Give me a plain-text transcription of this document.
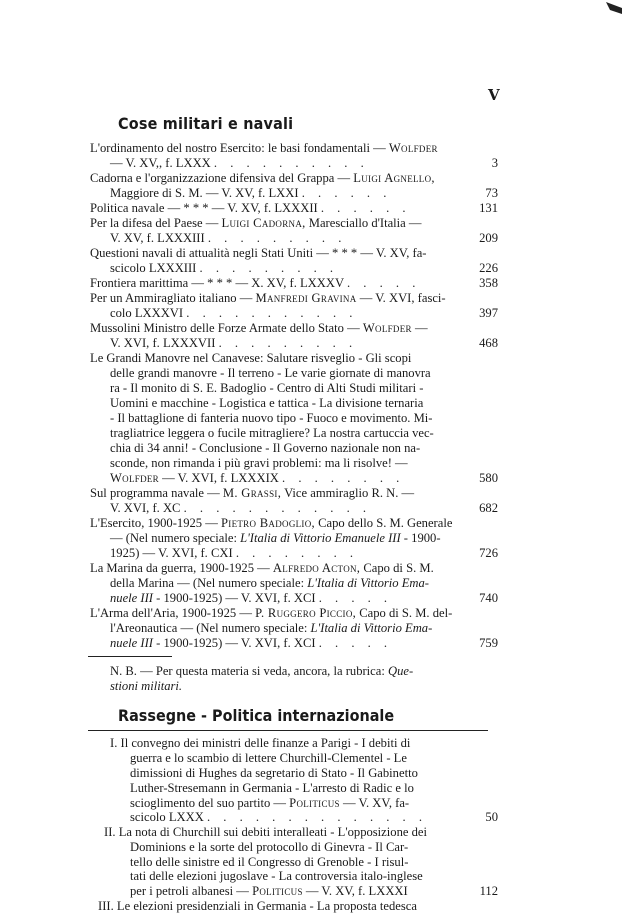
V
Cose militari e navali
L'ordinamento del nostro Esercito: le basi fondamentali — Wolfder
— V. XV,, f. LXXX . . . . . . . . . .	3
Cadorna e l'organizzazione difensiva del Grappa — Luigi Agnello,
Maggiore di S. M. — V. XV, f. LXXI . . . . . .	73
Politica navale — * * * — V. XV, f. LXXXII . . . . . .	131
Per la difesa del Paese — Luigi Cadorna, Maresciallo d'Italia —
V. XV, f. LXXXIII . . . . . . . . .	209
Questioni navali di attualità negli Stati Uniti — * * * — V. XV, fa-
scicolo LXXXIII . . . . . . . . .	226
Frontiera marittima — * * * — X. XV, f. LXXXV . . . . .	358
Per un Ammiragliato italiano — Manfredi Gravina — V. XVI, fasci-
colo LXXXVI . . . . . . . . . . .	397
Mussolini Ministro delle Forze Armate dello Stato — Wolfder —
V. XVI, f. LXXXVII . . . . . . . . .	468
Le Grandi Manovre nel Canavese: Salutare risveglio - Gli scopi
delle grandi manovre - Il terreno - Le varie giornate di manovra
ra - Il monito di S. E. Badoglio - Centro di Alti Studi militari -
Uomini e macchine - Logistica e tattica - La divisione ternaria
- Il battaglione di fanteria nuovo tipo - Fuoco e movimento. Mi-
tragliatrice leggera o fucile mitragliere? La nostra cartuccia vec-
chia di 34 anni! - Conclusione - Il Governo nazionale non na-
sconde, non rimanda i più gravi problemi: ma li risolve! —
Wolfder — V. XVI, f. LXXXIX . . . . . . . .	580
Sul programma navale — M. Grassi, Vice ammiraglio R. N. —
V. XVI, f. XC . . . . . . . . . . . .	682
L'Esercito, 1900-1925 — Pietro Badoglio, Capo dello S. M. Generale
— (Nel numero speciale: L'Italia di Vittorio Emanuele III - 1900-
1925) — V. XVI, f. CXI . . . . . . . .	726
La Marina da guerra, 1900-1925 — Alfredo Acton, Capo di S. M.
della Marina — (Nel numero speciale: L'Italia di Vittorio Ema-
nuele III - 1900-1925) — V. XVI, f. XCI . . . . .	740
L'Arma dell'Aria, 1900-1925 — P. Ruggero Piccio, Capo di S. M. del-
l'Areonautica — (Nel numero speciale: L'Italia di Vittorio Ema-
nuele III - 1900-1925) — V. XVI, f. XCI . . . . .	759
N. B. — Per questa materia si veda, ancora, la rubrica: Que-
stioni militari.
Rassegne - Politica internazionale
I. Il convegno dei ministri delle finanze a Parigi - I debiti di
guerra e lo scambio di lettere Churchill-Clementel - Le
dimissioni di Hughes da segretario di Stato - Il Gabinetto
Luther-Stresemann in Germania - L'arresto di Radic e lo
scioglimento del suo partito — Politicus — V. XV, fa-
scicolo LXXX . . . . . . . . . . . . . .	50
II. La nota di Churchill sui debiti interalleati - L'opposizione dei
Dominions e la sorte del protocollo di Ginevra - Il Car-
tello delle sinistre ed il Congresso di Grenoble - I risul-
tati delle elezioni jugoslave - La controversia italo-inglese
per i petroli albanesi — Politicus — V. XV, f. LXXXI	112
III. Le elezioni presidenziali in Germania - La proposta tedesca
